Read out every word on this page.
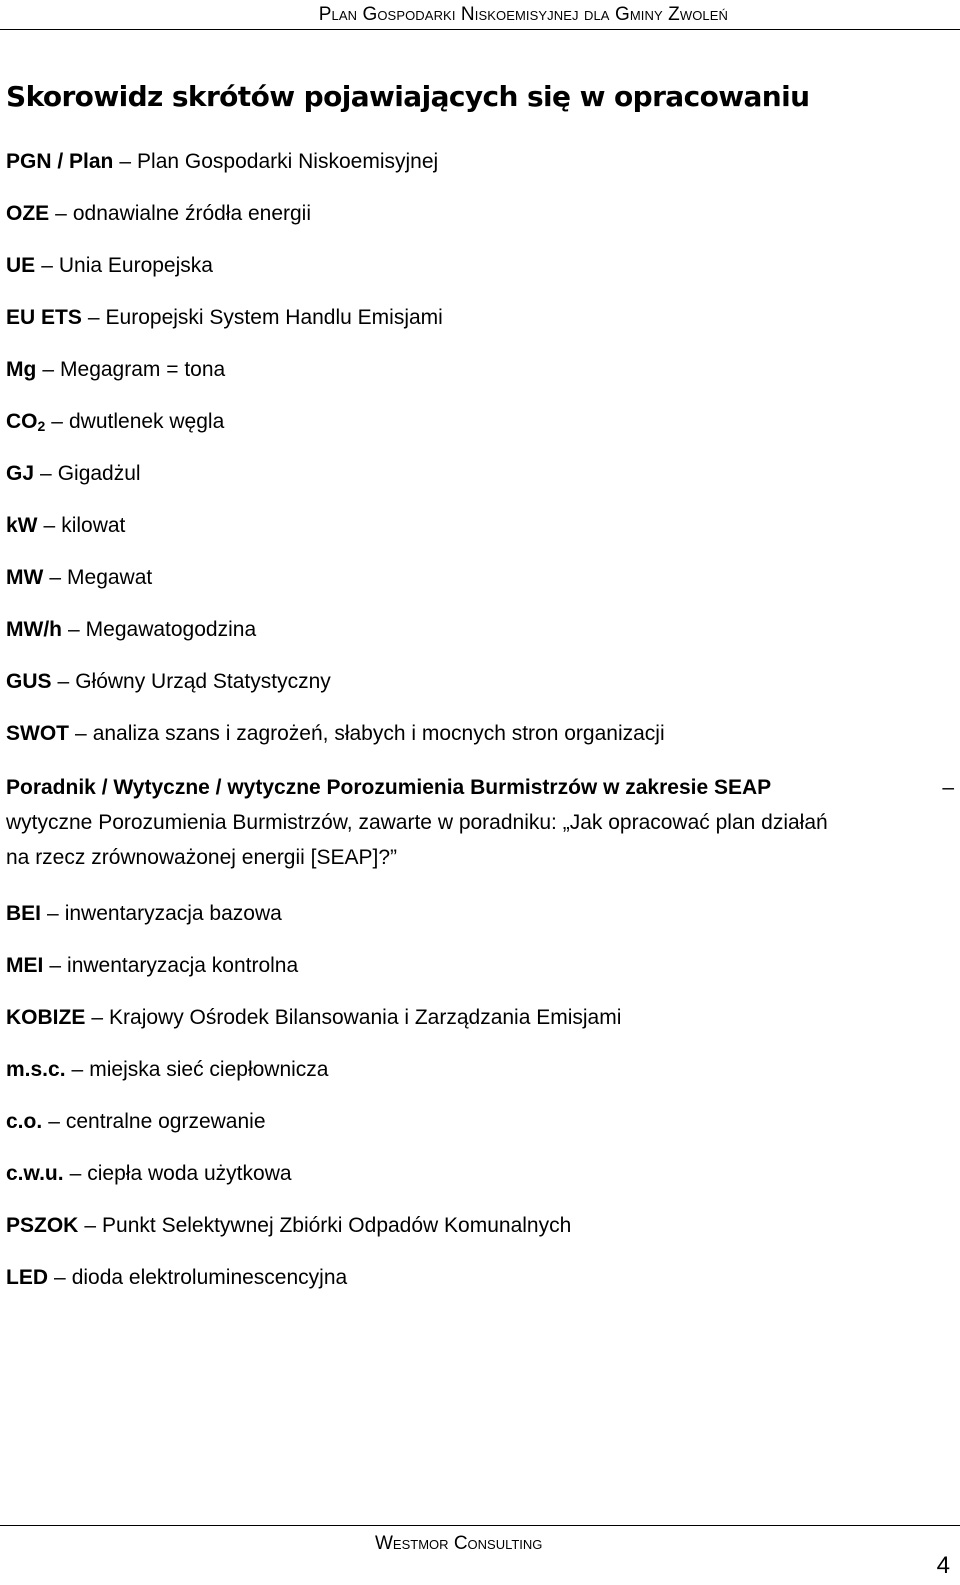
Plan Gospodarki Niskoemisyjnej dla Gminy Zwoleń
Skorowidz skrótów pojawiających się w opracowaniu
PGN / Plan – Plan Gospodarki Niskoemisyjnej
OZE – odnawialne źródła energii
UE – Unia Europejska
EU ETS – Europejski System Handlu Emisjami
Mg – Megagram = tona
$CO_2$ – dwutlenek węgla
GJ – Gigadżul
kW – kilowat
MW – Megawat
MW/h – Megawatogodzina
GUS – Główny Urząd Statystyczny
SWOT – analiza szans i zagrożeń, słabych i mocnych stron organizacji
Poradnik / Wytyczne / wytyczne Porozumienia Burmistrzów w zakresie SEAP	–
wytyczne Porozumienia Burmistrzów, zawarte w poradniku: „Jak opracować plan działań
na rzecz zrównoważonej energii [SEAP]?”
BEI – inwentaryzacja bazowa
MEI – inwentaryzacja kontrolna
KOBIZE – Krajowy Ośrodek Bilansowania i Zarządzania Emisjami
m.s.c. – miejska sieć ciepłownicza
c.o. – centralne ogrzewanie
c.w.u. – ciepła woda użytkowa
PSZOK – Punkt Selektywnej Zbiórki Odpadów Komunalnych
LED – dioda elektroluminescencyjna
Westmor Consulting
4
